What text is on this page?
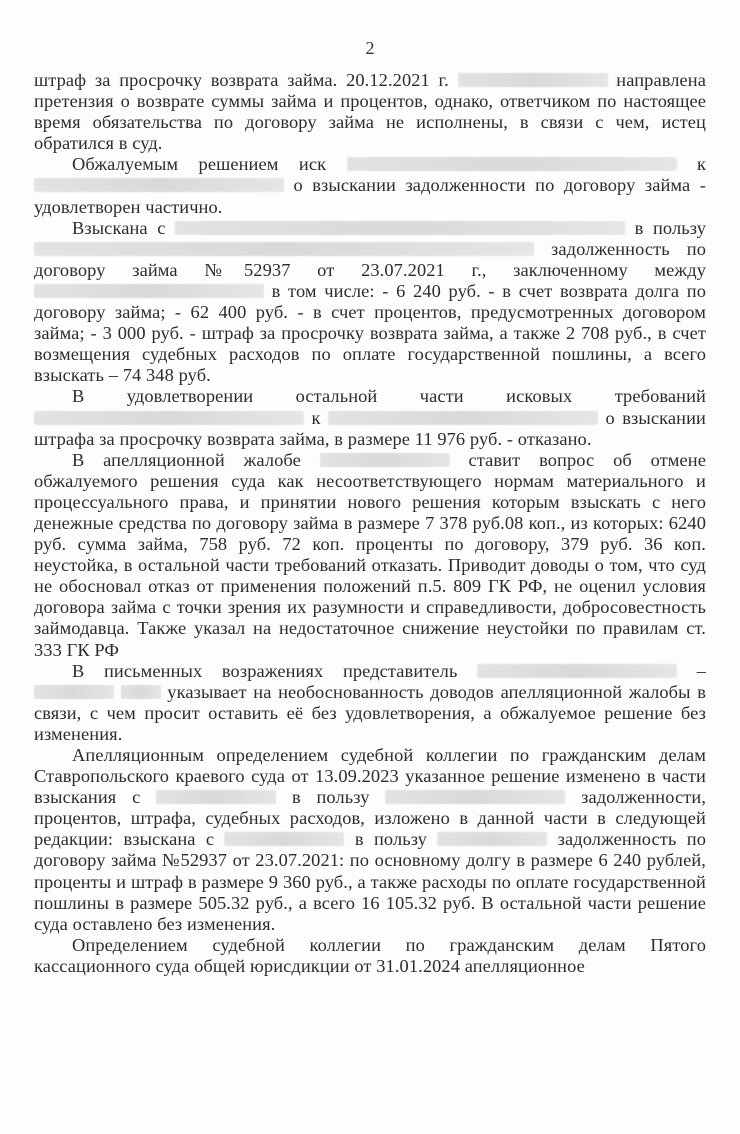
2

штраф за просрочку возврата займа. 20.12.2021 г.	направлена претензия о возврате суммы займа и процентов, однако, ответчиком по настоящее время обязательства по договору займа не исполнены, в связи с чем, истец обратился в суд.

Обжалуемым решением иск	к  о взыскании задолженности по договору займа - удовлетворен частично.

Взыскана с	в пользу  задолженность по договору займа №52937 от 23.07.2021 г., заключенному между  в том числе: - 6 240 руб. - в счет возврата долга по договору займа; - 62 400 руб. - в счет процентов, предусмотренных договором займа; - 3 000 руб. - штраф за просрочку возврата займа, а также 2 708 руб., в счет возмещения судебных расходов по оплате государственной пошлины, а всего взыскать – 74 348 руб.

В удовлетворении остальной части исковых требований  к	о взыскании штрафа за просрочку возврата займа, в размере 11 976 руб. - отказано.

В апелляционной жалобе	ставит вопрос об отмене обжалуемого решения суда как несоответствующего нормам материального и процессуального права, и принятии нового решения которым взыскать с него денежные средства по договору займа в размере 7 378 руб.08 коп., из которых: 6240 руб. сумма займа, 758 руб. 72 коп. проценты по договору, 379 руб. 36 коп. неустойка, в остальной части требований отказать. Приводит доводы о том, что суд не обосновал отказ от применения положений п.5. 809 ГК РФ, не оценил условия договора займа с точки зрения их разумности и справедливости, добросовестность займодавца. Также указал на недостаточное снижение неустойки по правилам ст. 333 ГК РФ

В письменных возражениях представитель	–   указывает на необоснованность доводов апелляционной жалобы в связи, с чем просит оставить её без удовлетворения, а обжалуемое решение без изменения.

Апелляционным определением судебной коллегии по гражданским делам Ставропольского краевого суда от 13.09.2023 указанное решение изменено в части взыскания с	в пользу	задолженности, процентов, штрафа, судебных расходов, изложено в данной части в следующей редакции: взыскана с	в пользу	задолженность по договору займа №52937 от 23.07.2021: по основному долгу в размере 6 240 рублей, проценты и штраф в размере 9 360 руб., а также расходы по оплате государственной пошлины в размере 505.32 руб., а всего 16 105.32 руб. В остальной части решение суда оставлено без изменения.

Определением судебной коллегии по гражданским делам Пятого кассационного суда общей юрисдикции от 31.01.2024 апелляционное
